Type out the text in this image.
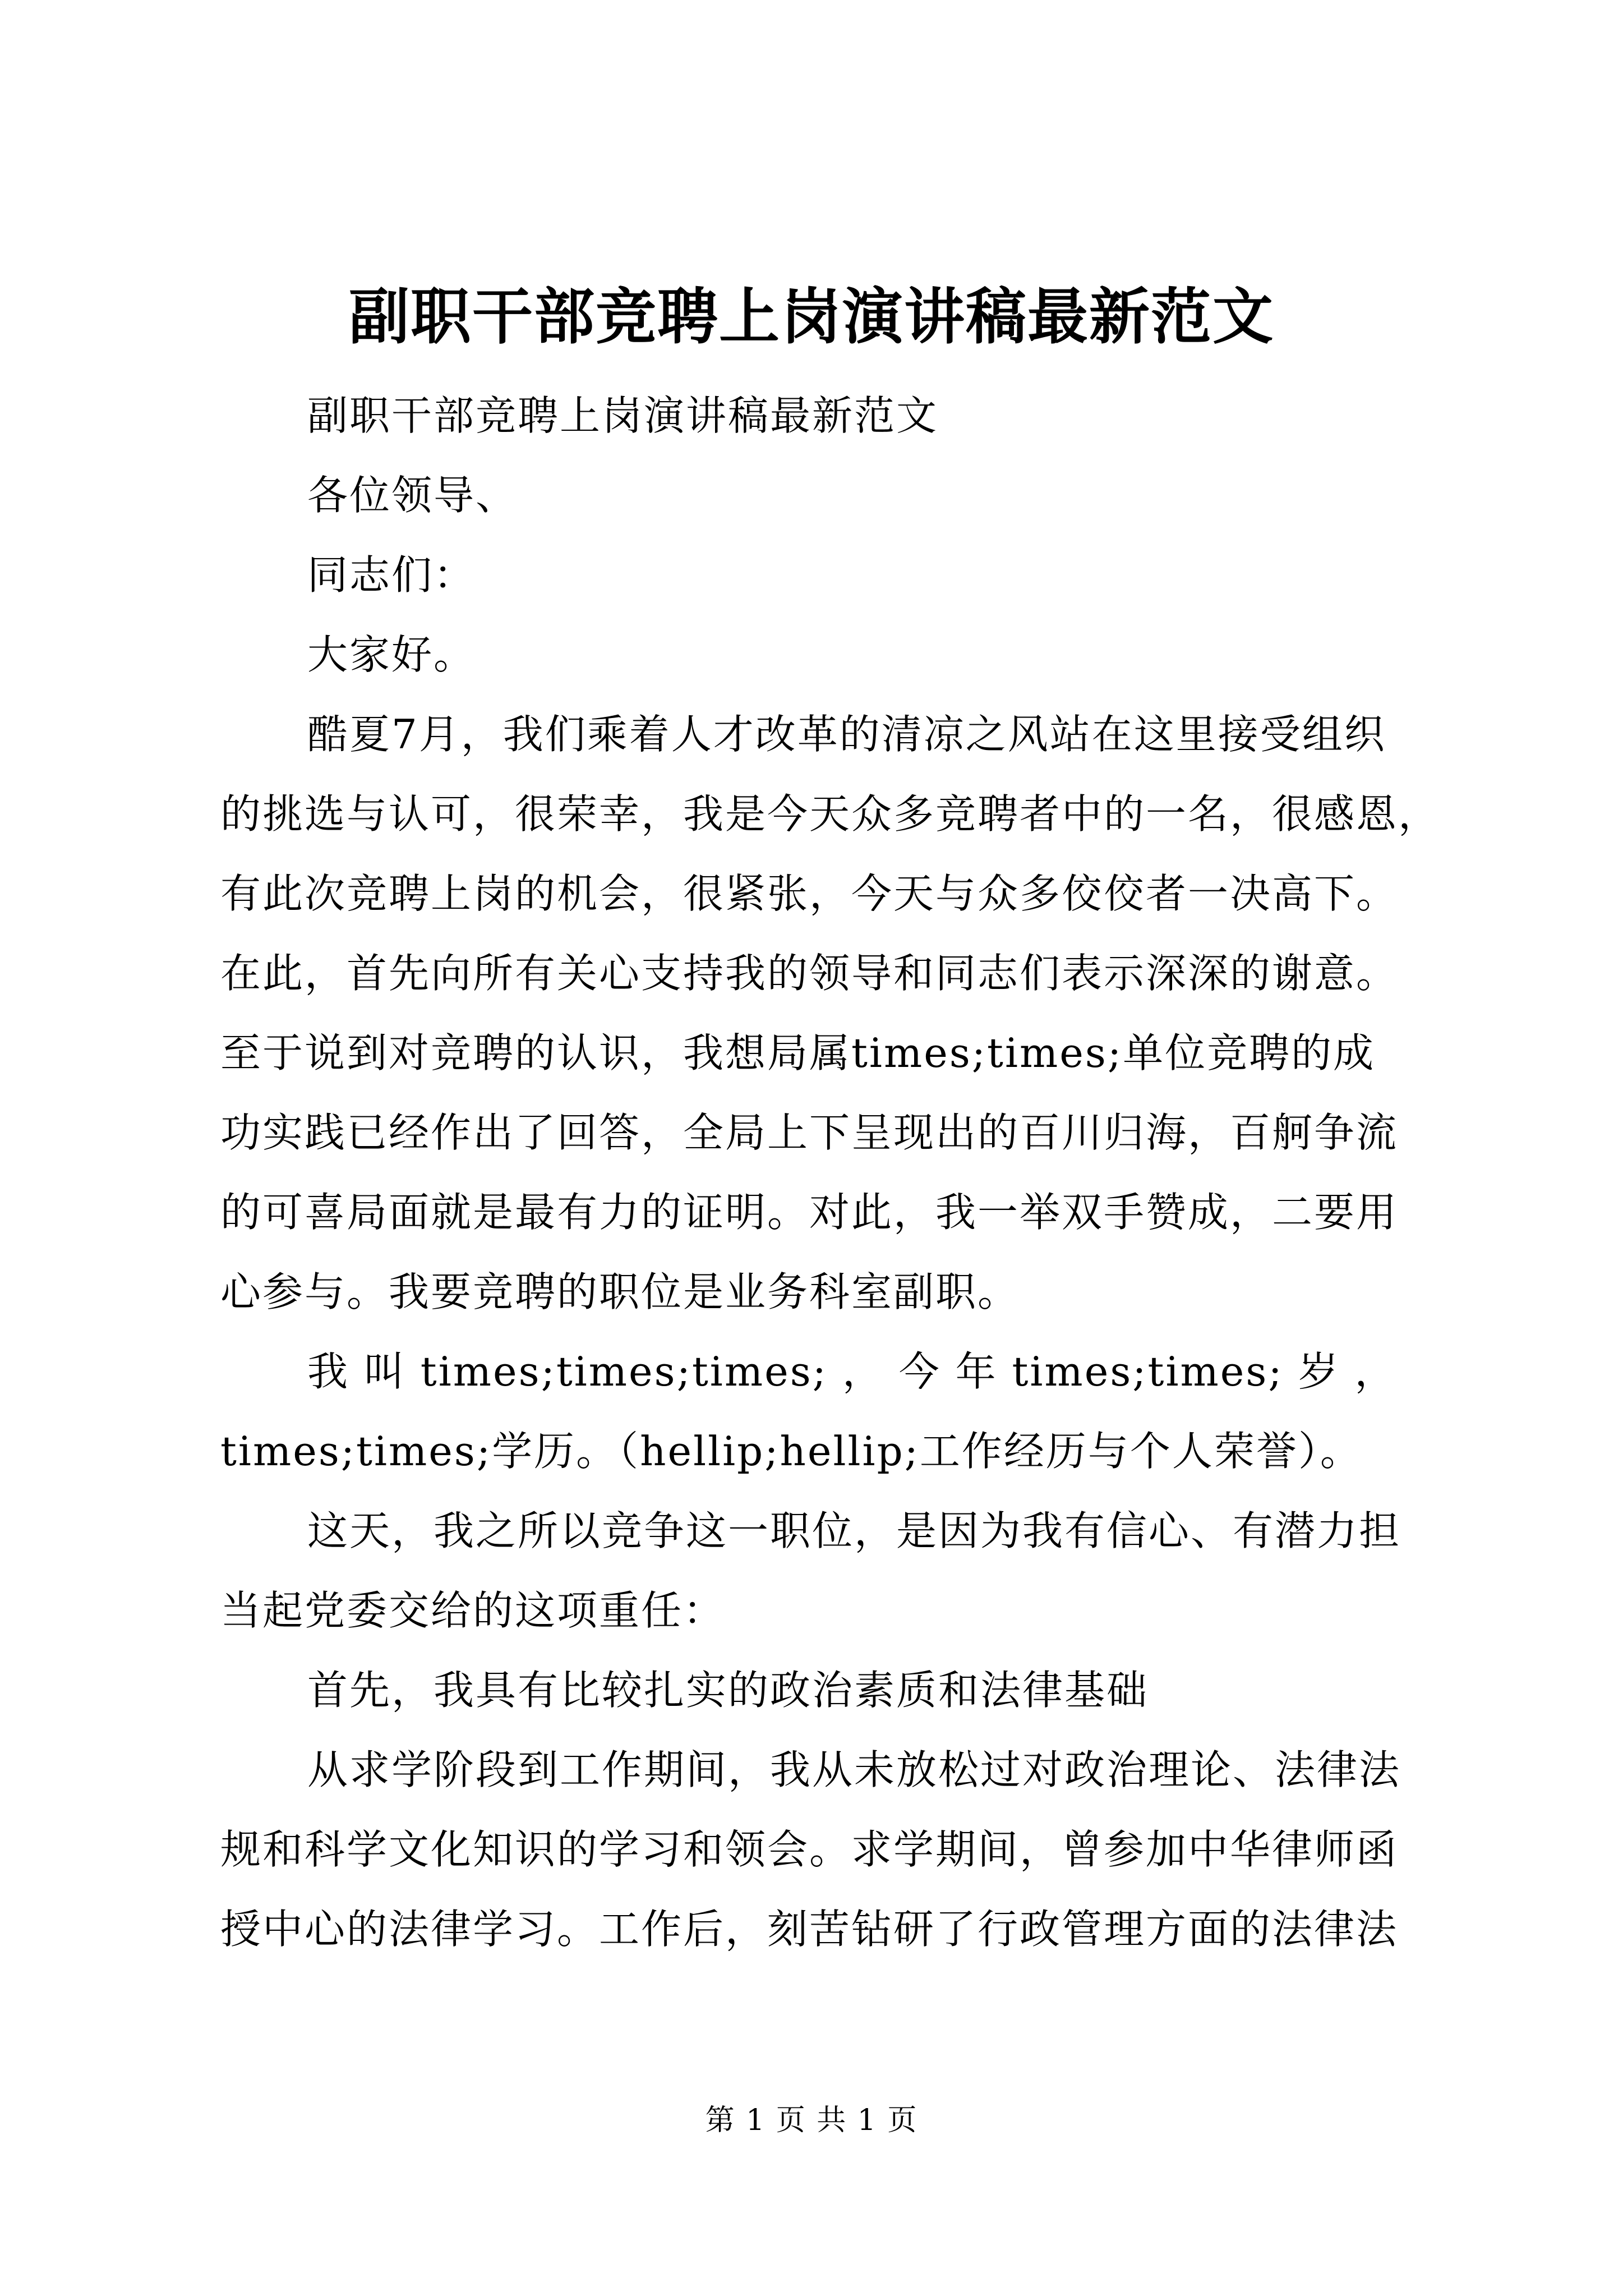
副职干部竞聘上岗演讲稿最新范文
副职干部竞聘上岗演讲稿最新范文
各位领导、
同志们：
大家好。
酷夏7月，我们乘着人才改革的清凉之风站在这里接受组织
的挑选与认可，很荣幸，我是今天众多竞聘者中的一名，很感恩，
有此次竞聘上岗的机会，很紧张，今天与众多佼佼者一决高下。
在此，首先向所有关心支持我的领导和同志们表示深深的谢意。
至于说到对竞聘的认识，我想局属times;times;单位竞聘的成
功实践已经作出了回答，全局上下呈现出的百川归海，百舸争流
的可喜局面就是最有力的证明。对此，我一举双手赞成，二要用
心参与。我要竞聘的职位是业务科室副职。
我 叫 times;times;times; ， 今 年 times;times; 岁 ，
times;times;学历。（hellip;hellip;工作经历与个人荣誉）。
这天，我之所以竞争这一职位，是因为我有信心、有潜力担
当起党委交给的这项重任：
首先，我具有比较扎实的政治素质和法律基础
从求学阶段到工作期间，我从未放松过对政治理论、法律法
规和科学文化知识的学习和领会。求学期间，曾参加中华律师函
授中心的法律学习。工作后，刻苦钻研了行政管理方面的法律法
第 1 页 共 1 页
